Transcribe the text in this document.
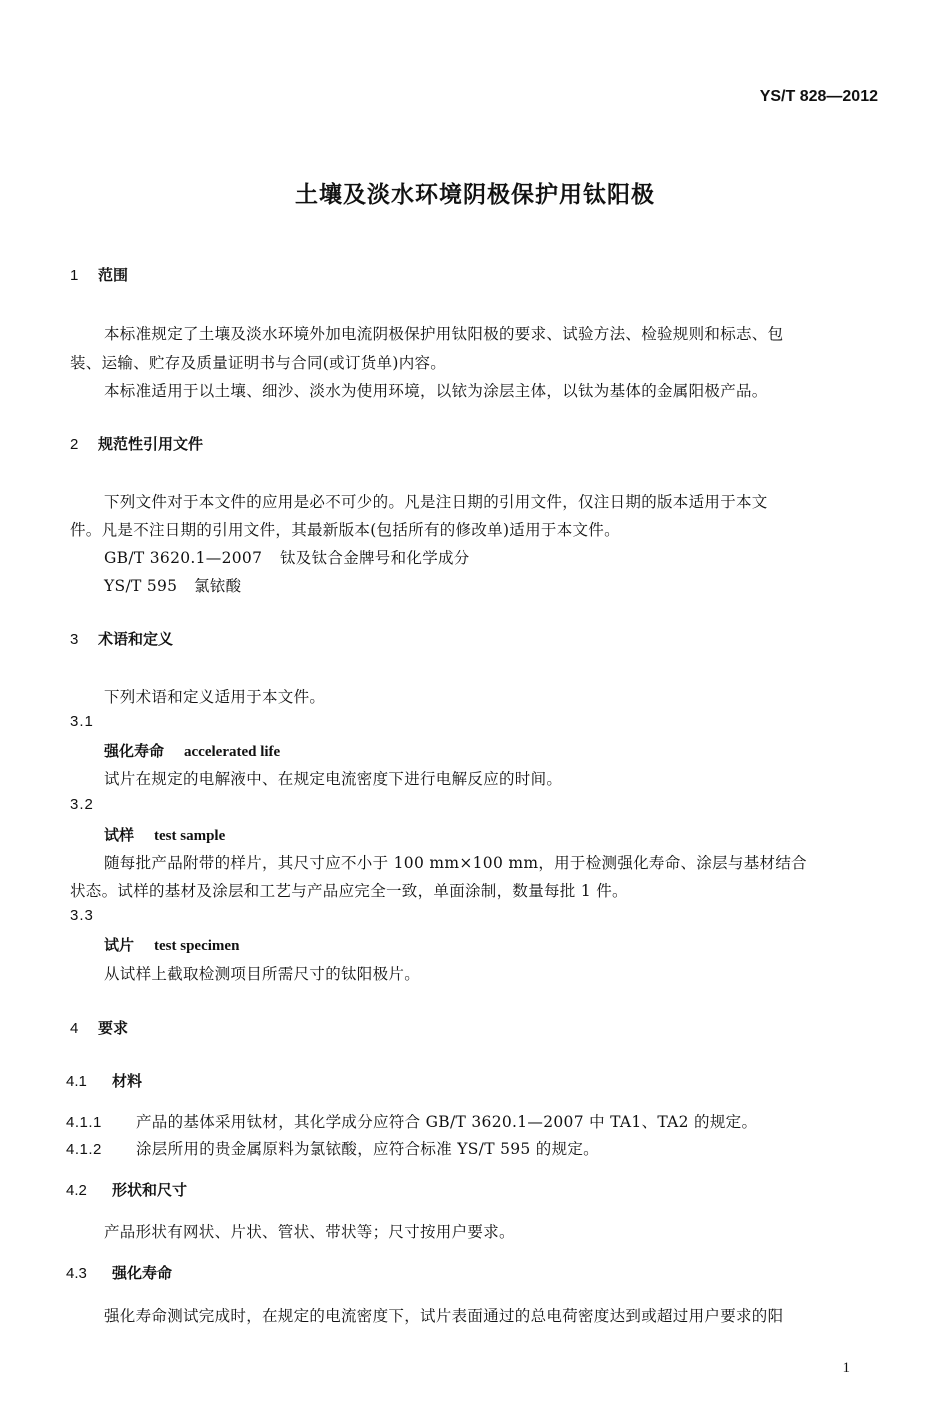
YS/T 828—2012
土壤及淡水环境阴极保护用钛阳极
1 范围
本标准规定了土壤及淡水环境外加电流阴极保护用钛阳极的要求、试验方法、检验规则和标志、包
装、运输、贮存及质量证明书与合同(或订货单)内容。
本标准适用于以土壤、细沙、淡水为使用环境，以铱为涂层主体，以钛为基体的金属阳极产品。
2 规范性引用文件
下列文件对于本文件的应用是必不可少的。凡是注日期的引用文件，仅注日期的版本适用于本文
件。凡是不注日期的引用文件，其最新版本(包括所有的修改单)适用于本文件。
GB/T 3620.1—2007 钛及钛合金牌号和化学成分
YS/T 595 氯铱酸
3 术语和定义
下列术语和定义适用于本文件。
3.1
强化寿命 accelerated life
试片在规定的电解液中、在规定电流密度下进行电解反应的时间。
3.2
试样 test sample
随每批产品附带的样片，其尺寸应不小于 100 mm×100 mm，用于检测强化寿命、涂层与基材结合
状态。试样的基材及涂层和工艺与产品应完全一致，单面涂制，数量每批 1 件。
3.3
试片 test specimen
从试样上截取检测项目所需尺寸的钛阳极片。
4 要求
4.1 材料
4.1.1 产品的基体采用钛材，其化学成分应符合 GB/T 3620.1—2007 中 TA1、TA2 的规定。
4.1.2 涂层所用的贵金属原料为氯铱酸，应符合标准 YS/T 595 的规定。
4.2 形状和尺寸
产品形状有网状、片状、管状、带状等；尺寸按用户要求。
4.3 强化寿命
强化寿命测试完成时，在规定的电流密度下，试片表面通过的总电荷密度达到或超过用户要求的阳
1
